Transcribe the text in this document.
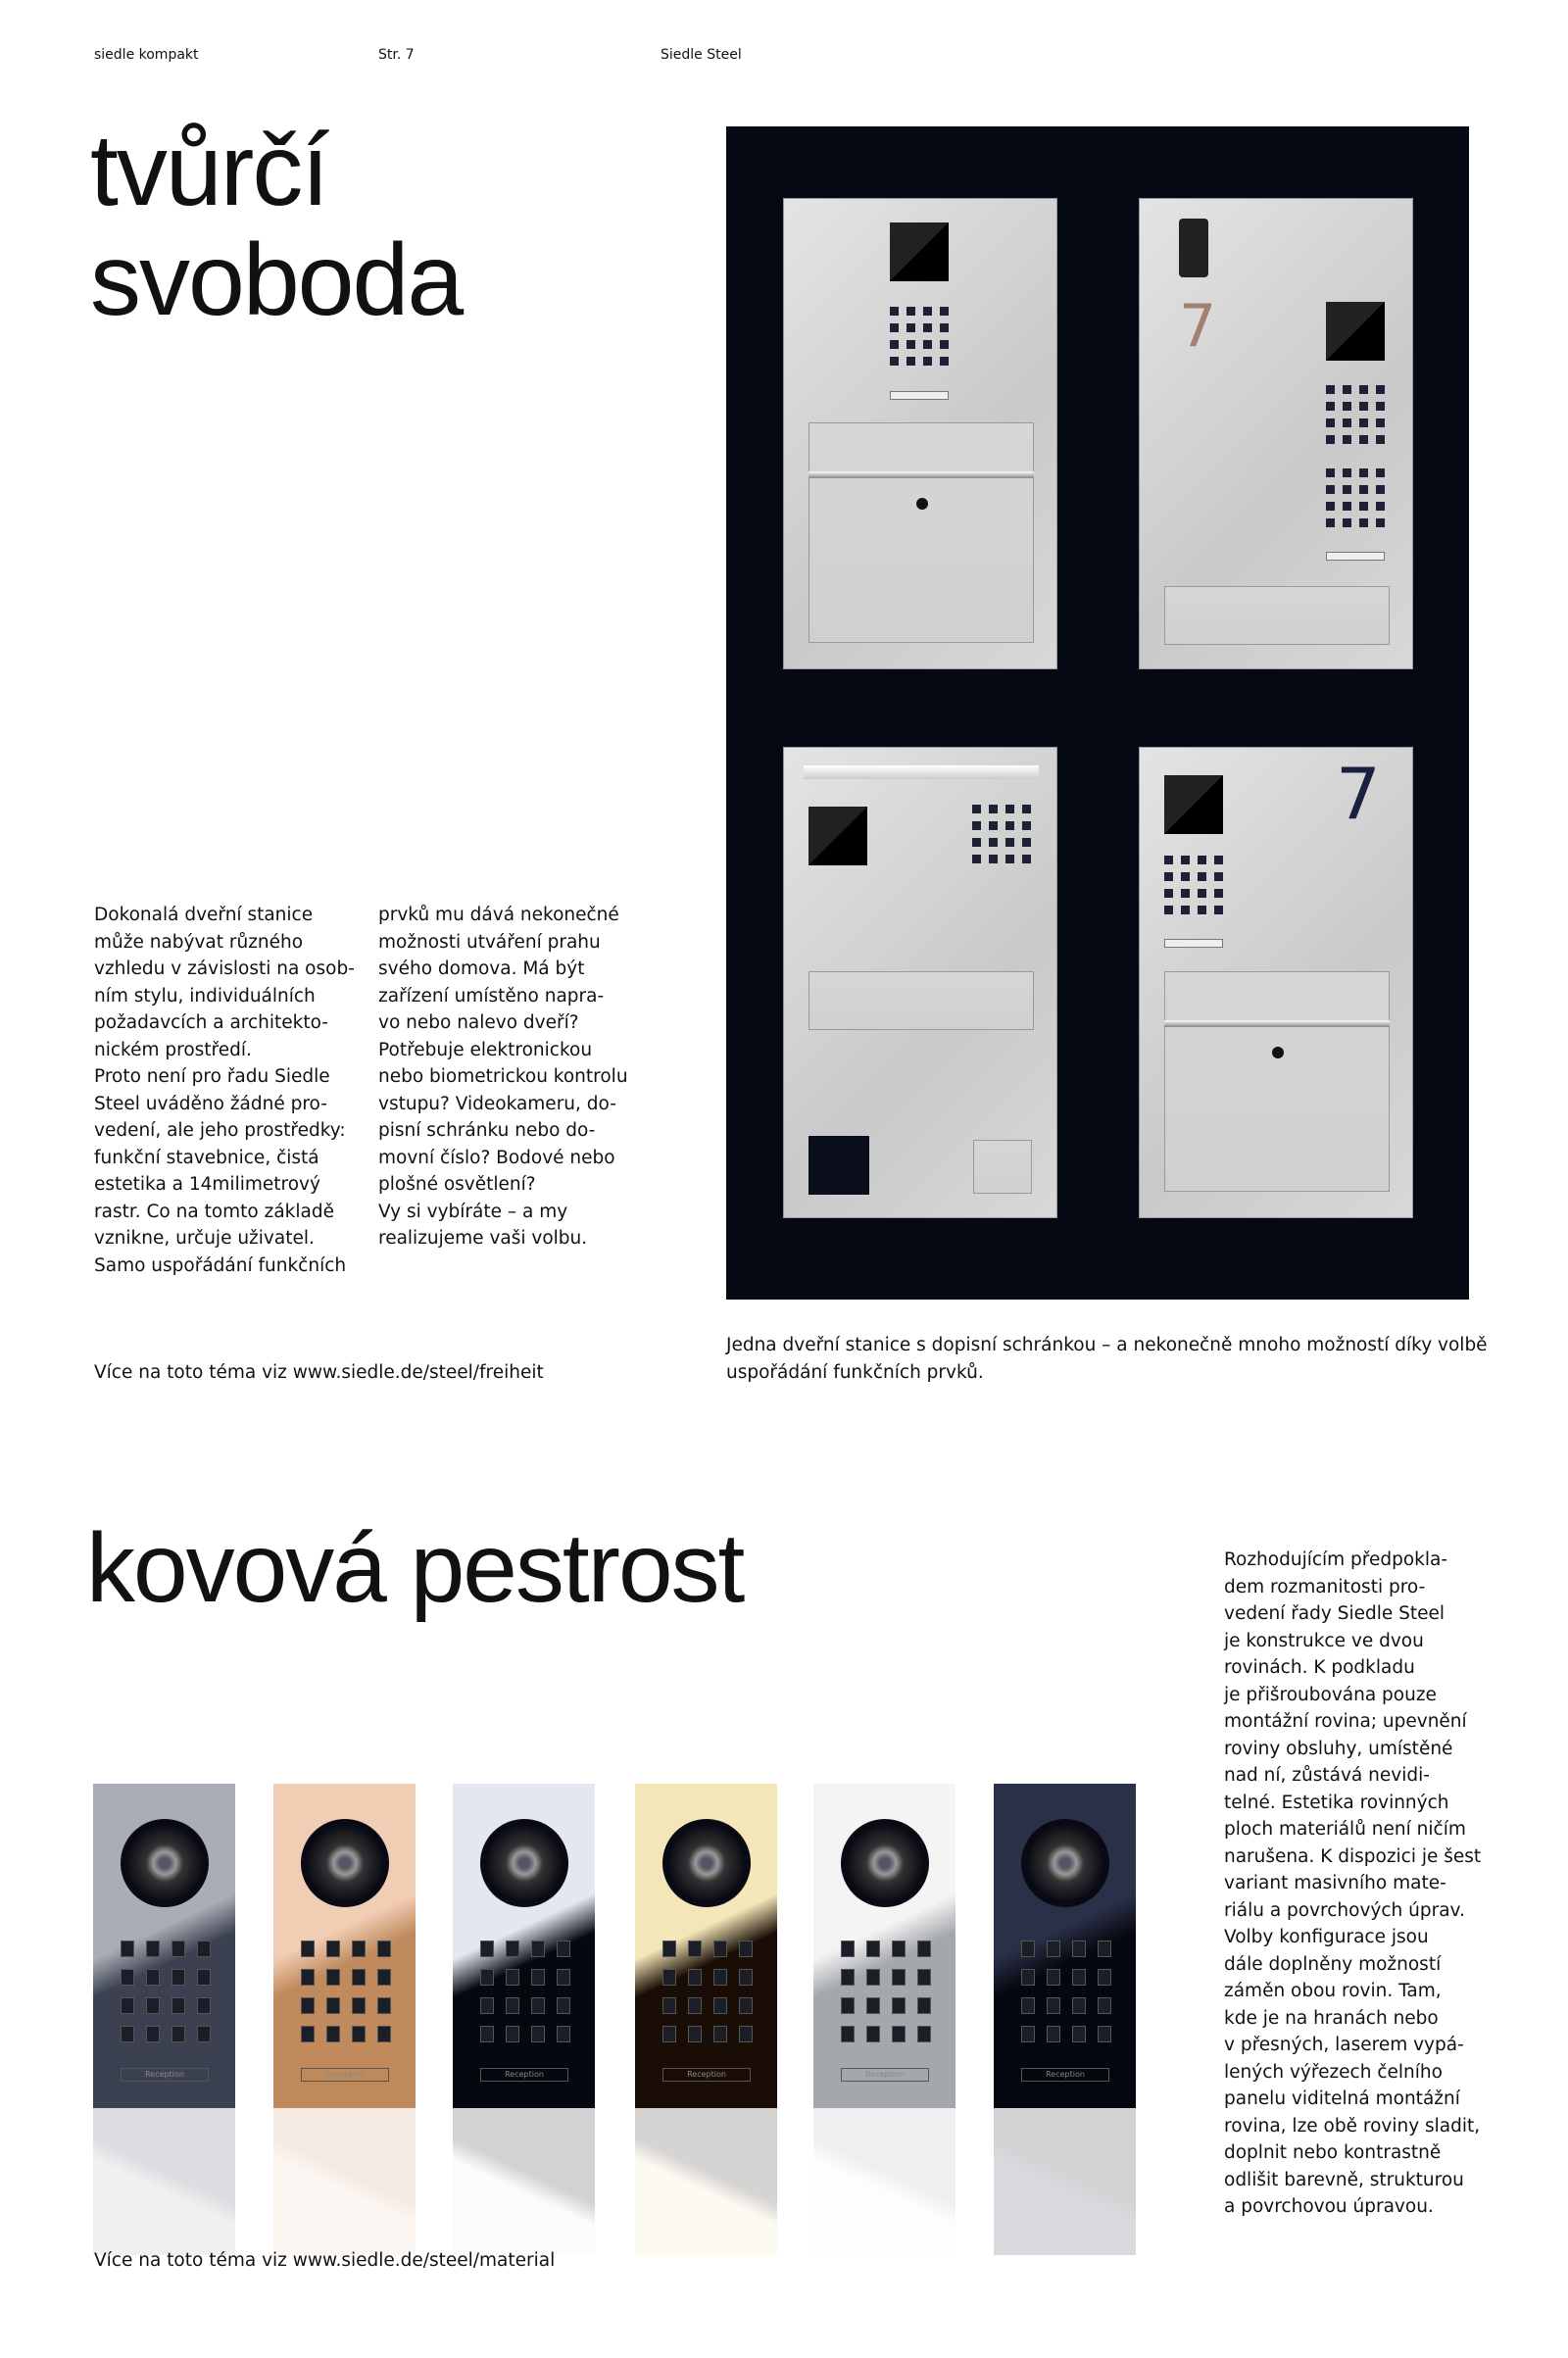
siedle kompakt	Str. 7	Siedle Steel
tvůrčí
svoboda	7
7
Dokonalá dveřní stanice
může nabývat různého
vzhledu v závislosti na osob-
ním stylu, individuálních
požadavcích a architekto-
nickém prostředí.
Proto není pro řadu Siedle
Steel uváděno žádné pro-
vedení, ale jeho prostředky:
funkční stavebnice, čistá
estetika a 14milimetrový
rastr. Co na tomto základě
vznikne, určuje uživatel.
Samo uspořádání funkčních
prvků mu dává nekonečné
možnosti utváření prahu
svého domova. Má být
zařízení umístěno napra-
vo nebo nalevo dveří?
Potřebuje elektronickou
nebo biometrickou kontrolu
vstupu? Videokameru, do-
pisní schránku nebo do-
movní číslo? Bodové nebo
plošné osvětlení?
Vy si vybíráte – a my
realizujeme vaši volbu.
Více na toto téma viz www.siedle.de/steel/freiheit
Jedna dveřní stanice s dopisní schránkou – a nekonečně mnoho možností díky volbě
uspořádání funkčních prvků.
kovová pestrost	Rozhodujícím předpokla-
dem rozmanitosti pro-
vedení řady Siedle Steel
je konstrukce ve dvou
rovinách. K podkladu
je přišroubována pouze
montážní rovina; upevnění
roviny obsluhy, umístěné
nad ní, zůstává nevidi-
telné. Estetika rovinných
ploch materiálů není ničím
narušena. K dispozici je šest
variant masivního mate-
riálu a povrchových úprav.
Volby konfigurace jsou
dále doplněny možností
záměn obou rovin. Tam,
kde je na hranách nebo
v přesných, laserem vypá-
lených výřezech čelního
panelu viditelná montážní
rovina, lze obě roviny sladit,
doplnit nebo kontrastně
odlišit barevně, strukturou
a povrchovou úpravou.
Reception	Reception	Reception	Reception	Reception	Reception
Více na toto téma viz www.siedle.de/steel/material
